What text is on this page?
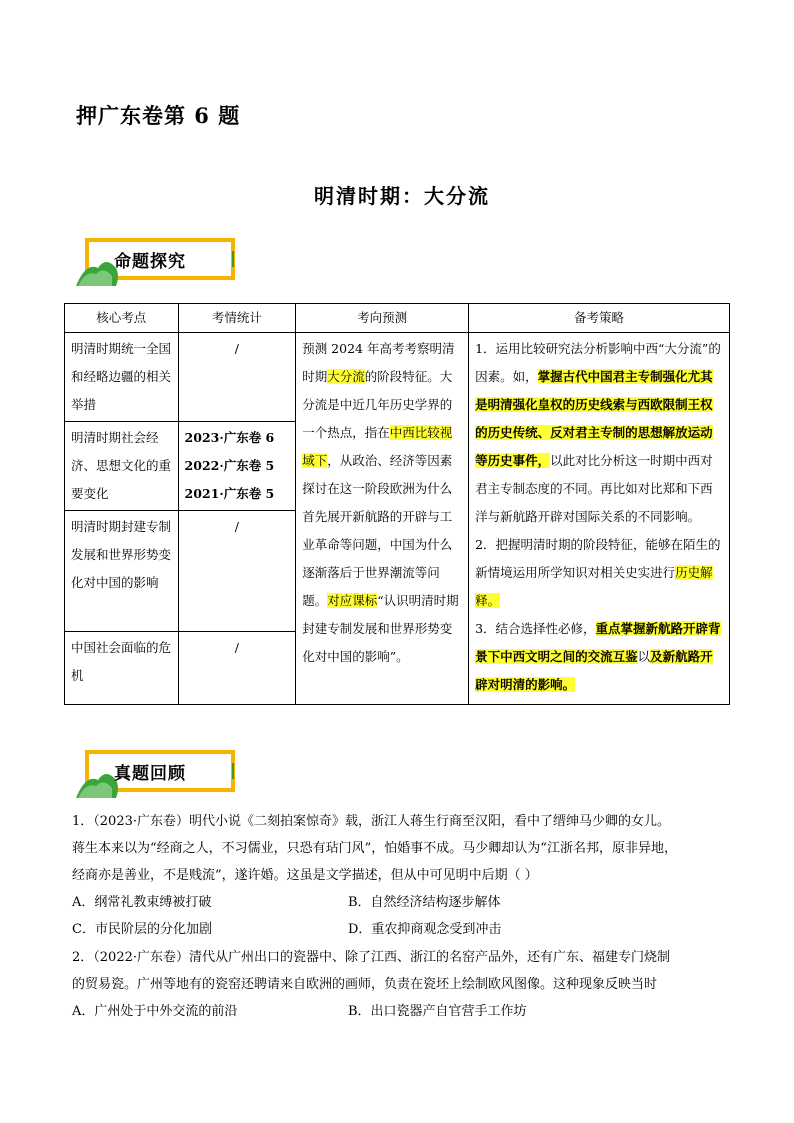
押广东卷第 6 题
明清时期：大分流
命题探究
核心考点	考情统计	考向预测	备考策略
明清时期统一全国和经略边疆的相关举措	/	预测 2024 年高考考察明清时期大分流的阶段特征。大分流是中近几年历史学界的一个热点，指在中西比较视域下，从政治、经济等因素探讨在这一阶段欧洲为什么首先展开新航路的开辟与工业革命等问题，中国为什么逐渐落后于世界潮流等问题。对应课标“认识明清时期封建专制发展和世界形势变化对中国的影响”。	1．运用比较研究法分析影响中西“大分流”的因素。如，掌握古代中国君主专制强化尤其是明清强化皇权的历史线索与西欧限制王权的历史传统、反对君主专制的思想解放运动等历史事件，以此对比分析这一时期中西对君主专制态度的不同。再比如对比郑和下西洋与新航路开辟对国际关系的不同影响。
2．把握明清时期的阶段特征，能够在陌生的新情境运用所学知识对相关史实进行历史解释。
3．结合选择性必修，重点掌握新航路开辟背景下中西文明之间的交流互鉴以及新航路开辟对明清的影响。
明清时期社会经济、思想文化的重要变化	2023·广东卷 6
2022·广东卷 5
2021·广东卷 5		

明清时期封建专制发展和世界形势变化对中国的影响	/		
中国社会面临的危机	/		
真题回顾

1．（2023·广东卷）明代小说《二刻拍案惊奇》载，浙江人蒋生行商至汉阳，看中了缙绅马少卿的女儿。

蒋生本来以为“经商之人，不习儒业，只恐有玷门风”，怕婚事不成。马少卿却认为“江浙名邦，原非异地，

经商亦是善业，不是贱流”，遂许婚。这虽是文学描述，但从中可见明中后期（ ）

A．纲常礼教束缚被打破	B．自然经济结构逐步解体
C．市民阶层的分化加剧	D．重农抑商观念受到冲击

2．（2022·广东卷）清代从广州出口的瓷器中、除了江西、浙江的名窑产品外，还有广东、福建专门烧制

的贸易瓷。广州等地有的瓷窑还聘请来自欧洲的画师，负责在瓷坯上绘制欧风图像。这种现象反映当时

A．广州处于中外交流的前沿	B．出口瓷器产自官营手工作坊
